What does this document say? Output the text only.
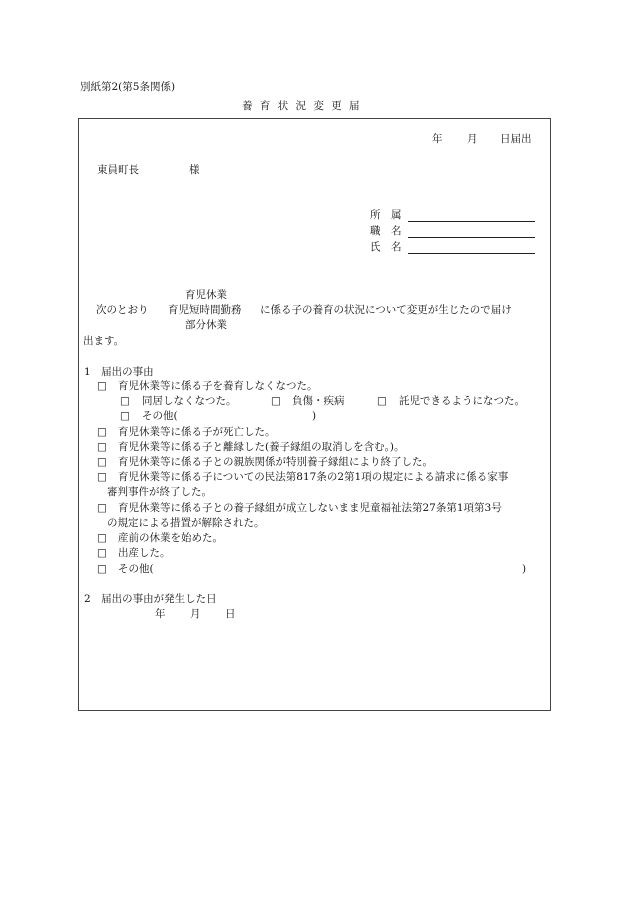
別紙第2(第5条関係)
養 育 状 況 変 更 届
年 月 日届出
東員町長	様
所　属
職　名
氏　名
育児休業
次のとおり 育児短時間勤務 に係る子の養育の状況について変更が生じたので届け
部分休業
出ます。
1　届出の事由
□ 育児休業等に係る子を養育しなくなつた。
□ 同居しなくなつた。	□ 負傷・疾病	□ 託児できるようになつた。
□ その他(	)
□ 育児休業等に係る子が死亡した。
□ 育児休業等に係る子と離縁した(養子縁組の取消しを含む。)。
□ 育児休業等に係る子との親族関係が特別養子縁組により終了した。
□ 育児休業等に係る子についての民法第817条の2第1項の規定による請求に係る家事
審判事件が終了した。
□ 育児休業等に係る子との養子縁組が成立しないまま児童福祉法第27条第1項第3号
の規定による措置が解除された。
□ 産前の休業を始めた。
□ 出産した。
□ その他(	)
2　届出の事由が発生した日
年 月 日
